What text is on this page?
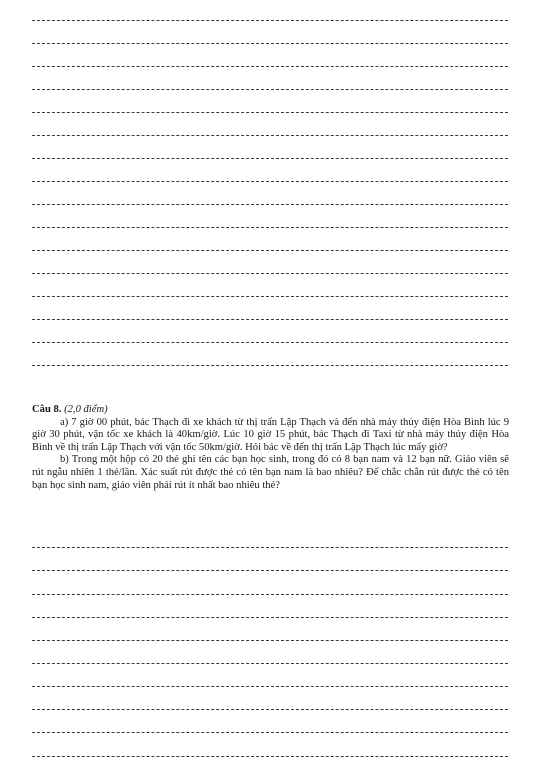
Câu 8. (2,0 điểm)

a) 7 giờ 00 phút, bác Thạch đi xe khách từ thị trấn Lập Thạch và đến nhà máy thủy điện Hòa Bình lúc 9 giờ 30 phút, vận tốc xe khách là 40km/giờ. Lúc 10 giờ 15 phút, bác Thạch đi Taxi từ nhà máy thủy điện Hòa Bình về thị trấn Lập Thạch với vận tốc 50km/giờ. Hỏi bác về đến thị trấn Lập Thạch lúc mấy giờ?

b) Trong một hộp có 20 thẻ ghi tên các bạn học sinh, trong đó có 8 bạn nam và 12 bạn nữ. Giáo viên sẽ rút ngẫu nhiên 1 thẻ/lần. Xác suất rút được thẻ có tên bạn nam là bao nhiêu? Để chắc chắn rút được thẻ có tên bạn học sinh nam, giáo viên phải rút ít nhất bao nhiêu thẻ?
